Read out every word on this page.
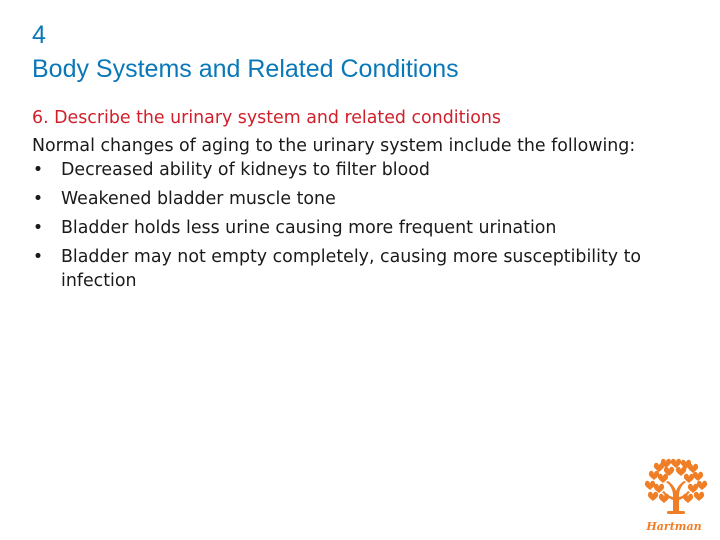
4
Body Systems and Related Conditions

6. Describe the urinary system and related conditions

Normal changes of aging to the urinary system include the following:

• Decreased ability of kidneys to filter blood
• Weakened bladder muscle tone
• Bladder holds less urine causing more frequent urination
• Bladder may not empty completely, causing more susceptibility to infection
Hartman
